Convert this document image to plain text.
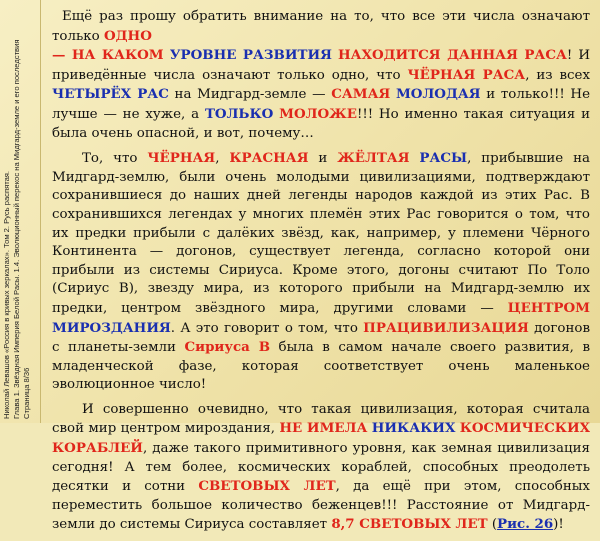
Николай Левашов «Россия в кривых зеркалах». Том 2. Русь распятая. Глава 1. Звёздная Империя Белой Расы. 1.4. Эволюционный перекос на Мидгард-земле и его последствия Страница 8/36

Ещё раз прошу обратить внимание на то, что все эти числа означают только ОДНО
— НА КАКОМ УРОВНЕ РАЗВИТИЯ НАХОДИТСЯ ДАННАЯ РАСА! И приведённые числа означают только одно, что ЧЁРНАЯ РАСА, из всех ЧЕТЫРЁХ РАС на Мидгард-земле — САМАЯ МОЛОДАЯ и только!!! Не лучше — не хуже, а ТОЛЬКО МОЛОЖЕ!!! Но именно такая ситуация и была очень опасной, и вот, почему…

То, что ЧЁРНАЯ, КРАСНАЯ и ЖЁЛТАЯ РАСЫ, прибывшие на Мидгард-землю, были очень молодыми цивилизациями, подтверждают сохранившиеся до наших дней легенды народов каждой из этих Рас. В сохранившихся легендах у многих племён этих Рас говорится о том, что их предки прибыли с далёких звёзд, как, например, у племени Чёрного Континента — догонов, существует легенда, согласно которой они прибыли из системы Сириуса. Кроме этого, догоны считают По Толо (Сириус В), звезду мира, из которого прибыли на Мидгард-землю их предки, центром звёздного мира, другими словами — ЦЕНТРОМ МИРОЗДАНИЯ. А это говорит о том, что ПРАЦИВИЛИЗАЦИЯ догонов с планеты-земли Сириуса В была в самом начале своего развития, в младенческой фазе, которая соответствует очень маленькое эволюционное число!

И совершенно очевидно, что такая цивилизация, которая считала свой мир центром мироздания, НЕ ИМЕЛА НИКАКИХ КОСМИЧЕСКИХ КОРАБЛЕЙ, даже такого примитивного уровня, как земная цивилизация сегодня! А тем более, космических кораблей, способных преодолеть десятки и сотни СВЕТОВЫХ ЛЕТ, да ещё при этом, способных переместить большое количество беженцев!!! Расстояние от Мидгард-земли до системы Сириуса составляет 8,7 СВЕТОВЫХ ЛЕТ (Рис. 26)!
